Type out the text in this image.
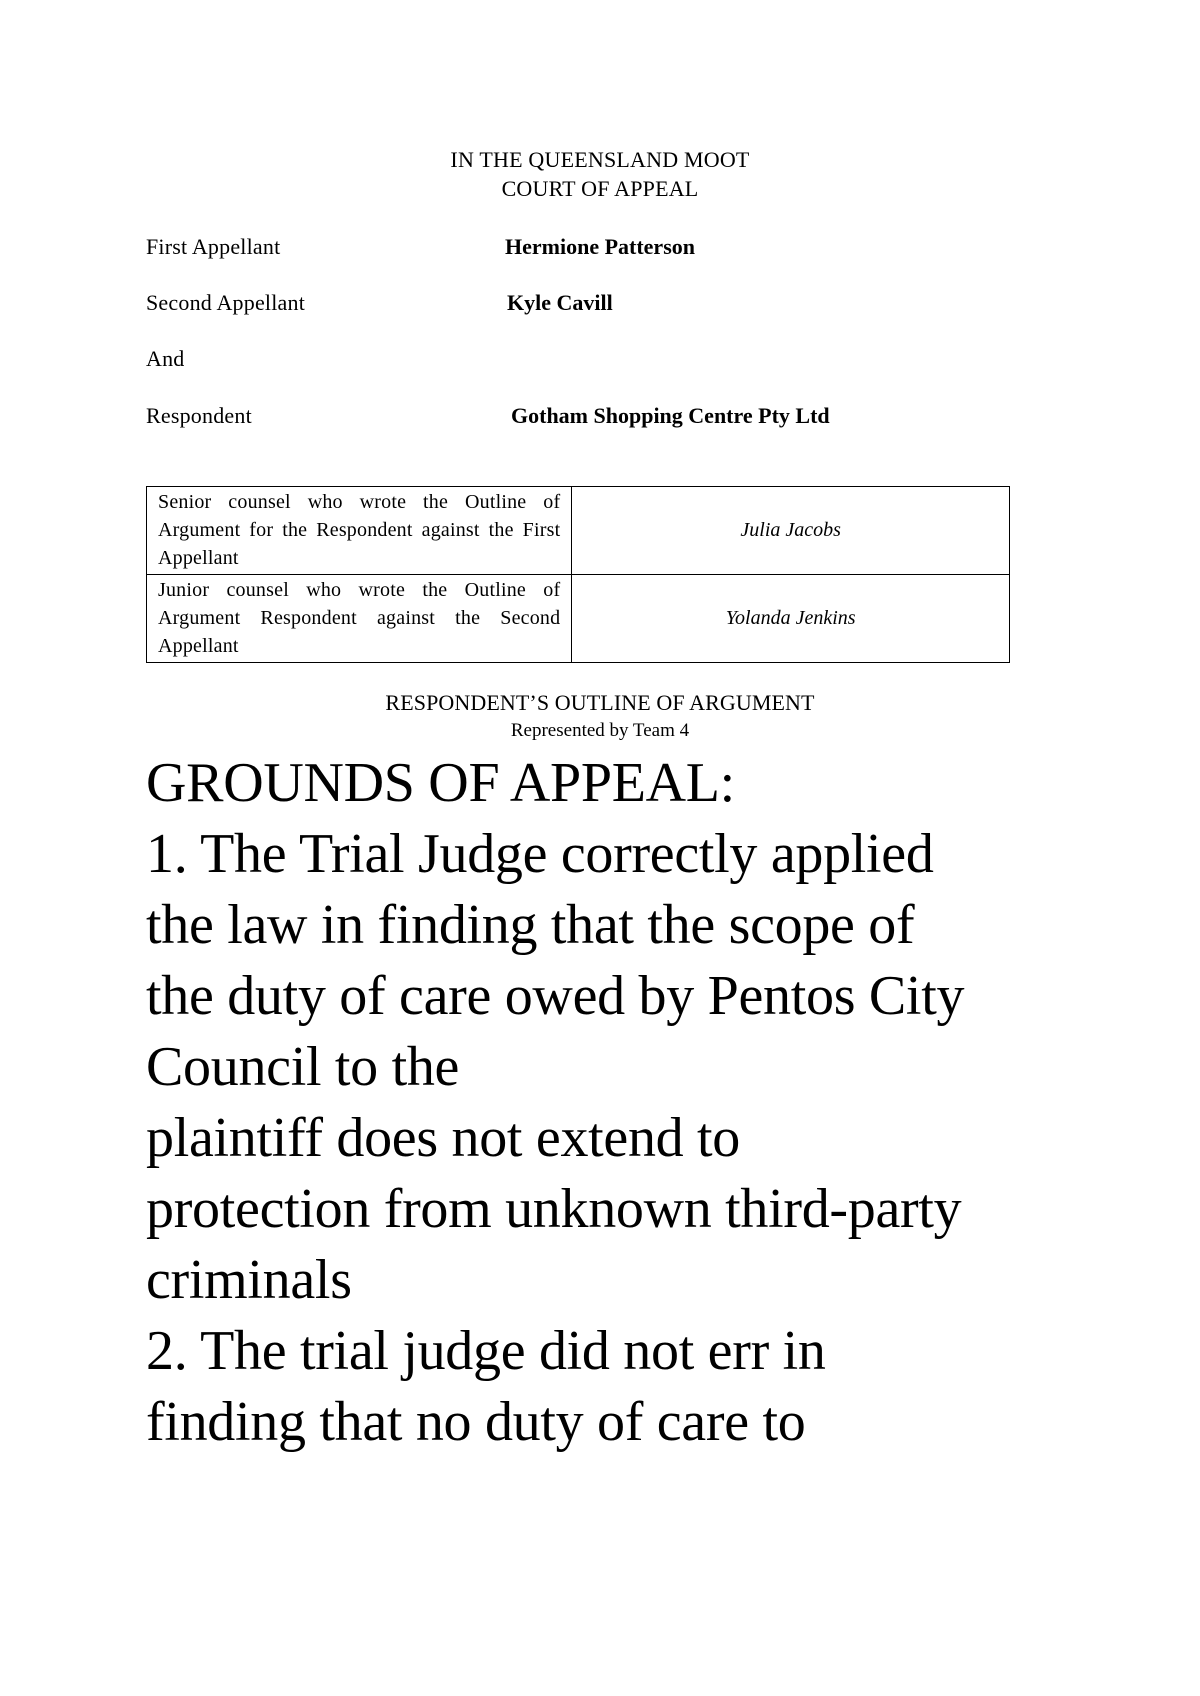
IN THE QUEENSLAND MOOT
COURT OF APPEAL
First Appellant	Hermione Patterson
Second Appellant	Kyle Cavill
And
Respondent	Gotham Shopping Centre Pty Ltd
Senior counsel who wrote the Outline of Argument for the Respondent against the First Appellant	Julia Jacobs
Junior counsel who wrote the Outline of Argument Respondent against the Second Appellant	Yolanda Jenkins
RESPONDENT’S OUTLINE OF ARGUMENT
Represented by Team 4
GROUNDS OF APPEAL:
1. The Trial Judge correctly applied
the law in finding that the scope of
the duty of care owed by Pentos City
Council to the
plaintiff does not extend to
protection from unknown third-party
criminals
2. The trial judge did not err in
finding that no duty of care to
